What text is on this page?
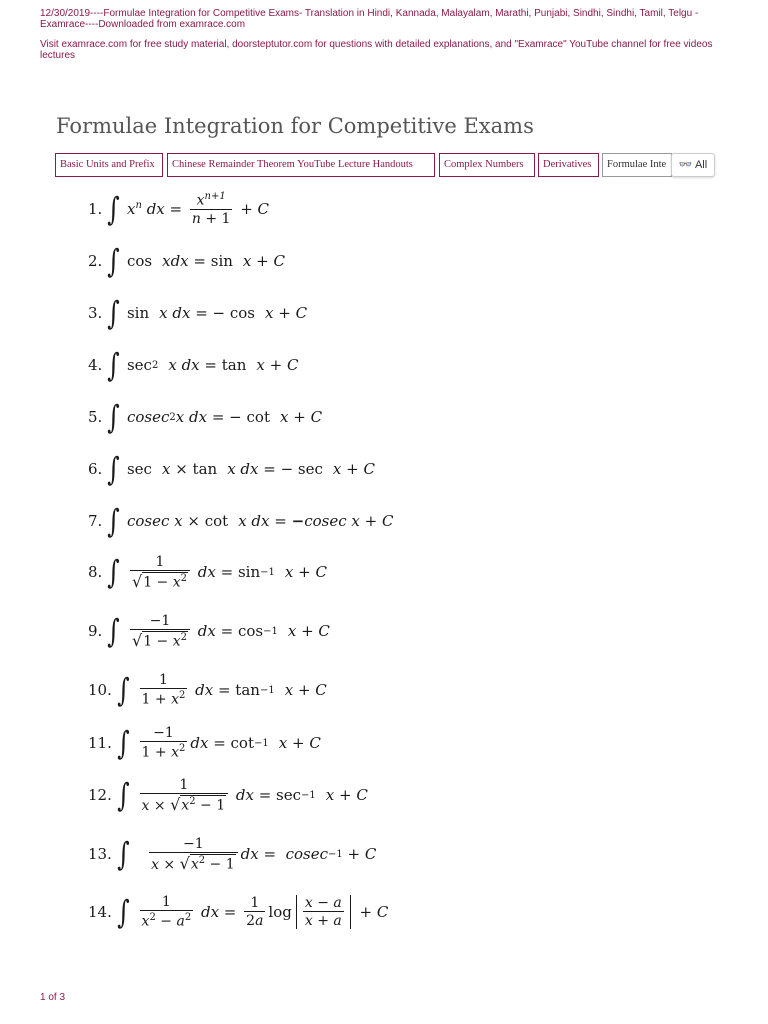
12/30/2019----Formulae Integration for Competitive Exams- Translation in Hindi, Kannada, Malayalam, Marathi, Punjabi, Sindhi, Sindhi, Tamil, Telgu - Examrace----Downloaded from examrace.com
Visit examrace.com for free study material, doorsteptutor.com for questions with detailed explanations, and "Examrace" YouTube channel for free videos lectures
Formulae Integration for Competitive Exams
Basic Units and Prefix	Chinese Remainder Theorem YouTube Lecture Handouts	Complex Numbers	Derivatives	Formulae Inte	👓 All
1. ∫ $x^n$
dx = $\frac{x^{n+1}}{n + 1} + C$
2. ∫ cos xdx = sin x + C
3. ∫ sin x dx = − cos x + C
4. ∫ sec 2 x dx = tan x + C
5. ∫ cosec 2 x dx = − cot x + C
6. ∫ sec x × tan x dx = − sec x + C
7. ∫ cosec x × cot x dx = − cosec x + C
8. ∫ $\frac{1}{√ 1 - x^2}$
dx = sin −1 x + C
9. ∫ $\frac{-1}{√ 1 - x^2}$
dx = cos −1 x + C
10. ∫ $\frac{1}{1 + x^2}$
dx = tan −1 x + C
11. ∫ $\frac{-1}{1 + x^2}$ dx = cot −1 x + C
12. ∫ $\frac{1}{x \times √ x^2 - 1}$
dx = sec −1 x + C
13. ∫
$\frac{-1}{x \times √ x^2 - 1}$ dx = cosec −1 + C
14. ∫ $\frac{1}{x^2 - a^2}$
dx = $\frac{1}{2a}$ $\log \frac{x - a}{x + a} + C$
1 of 3
